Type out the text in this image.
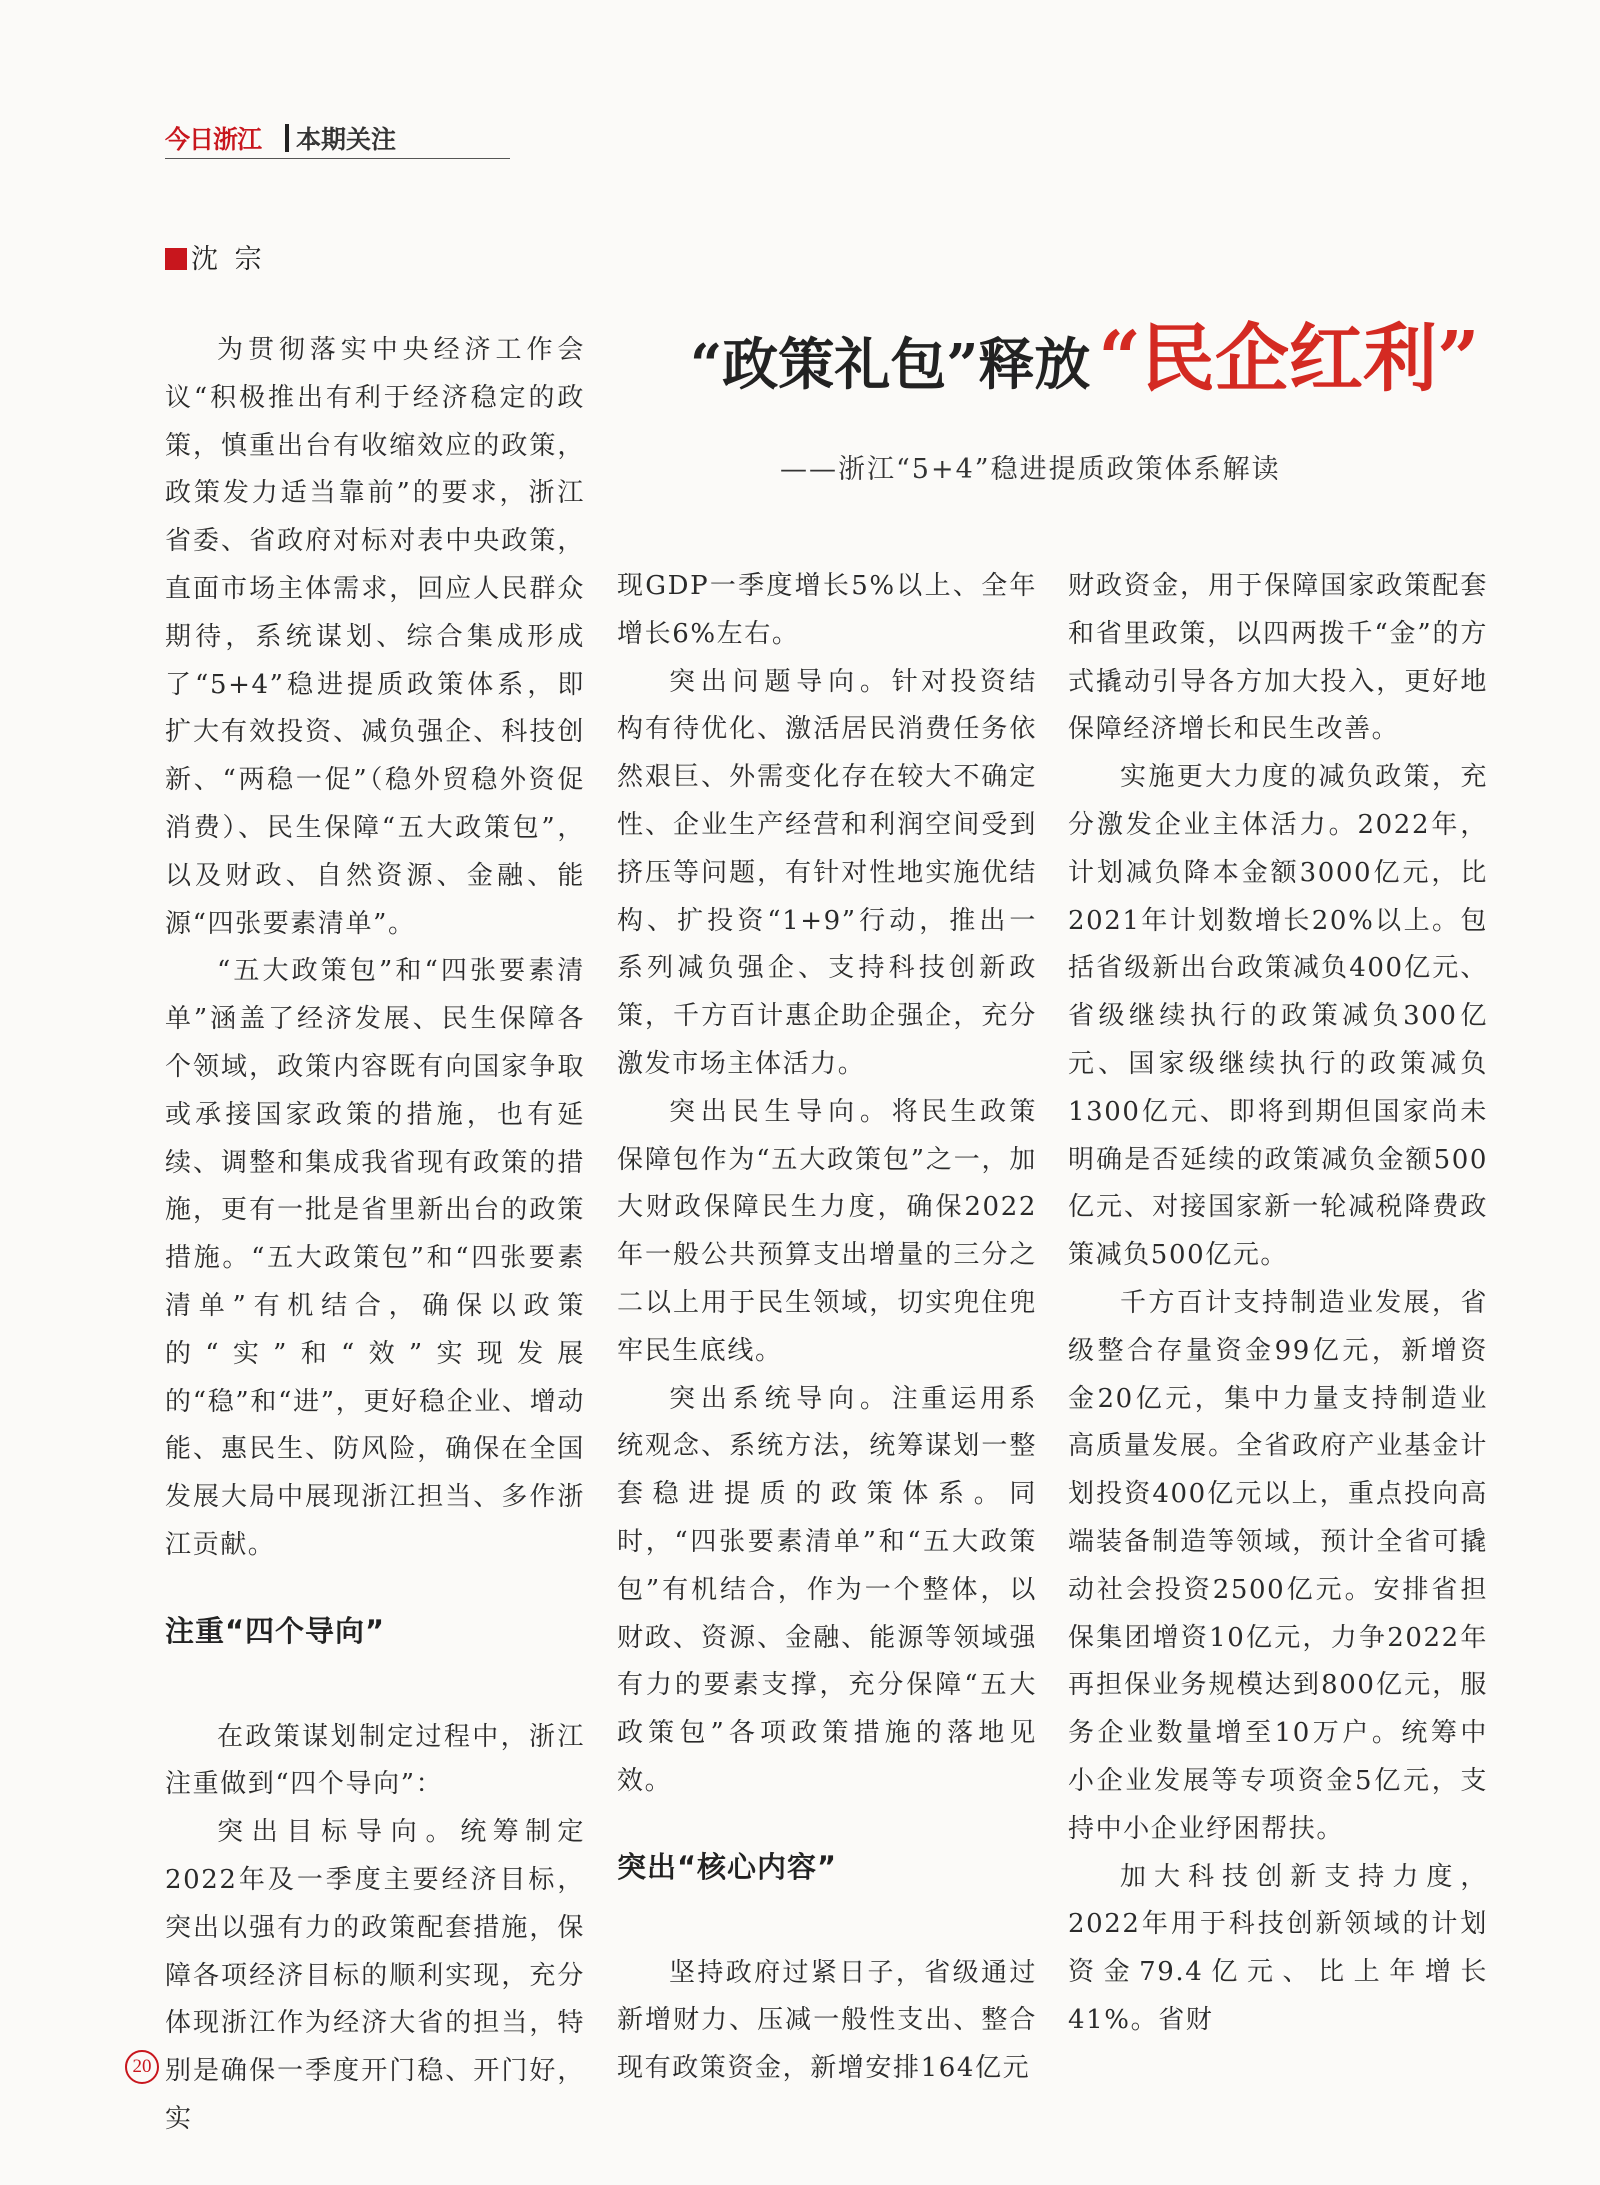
今日浙江 本期关注
沈 宗
“政策礼包”释放 “民企红利”
——浙江“5+4”稳进提质政策体系解读

为贯彻落实中央经济工作会议“积极推出有利于经济稳定的政策，慎重出台有收缩效应的政策，政策发力适当靠前”的要求，浙江省委、省政府对标对表中央政策，直面市场主体需求，回应人民群众期待，系统谋划、综合集成形成了“5+4”稳进提质政策体系，即扩大有效投资、减负强企、科技创新、“两稳一促”（稳外贸稳外资促消费）、民生保障“五大政策包”，以及财政、自然资源、金融、能源“四张要素清单”。

“五大政策包”和“四张要素清单”涵盖了经济发展、民生保障各个领域，政策内容既有向国家争取或承接国家政策的措施，也有延续、调整和集成我省现有政策的措施，更有一批是省里新出台的政策措施。“五大政策包”和“四张要素清单”有机结合，确保以政策的“实”和“效”实现发展的“稳”和“进”，更好稳企业、增动能、惠民生、防风险，确保在全国发展大局中展现浙江担当、多作浙江贡献。

注重“四个导向”

在政策谋划制定过程中，浙江注重做到“四个导向”：

突出目标导向。统筹制定2022年及一季度主要经济目标，突出以强有力的政策配套措施，保障各项经济目标的顺利实现，充分体现浙江作为经济大省的担当，特别是确保一季度开门稳、开门好，实

现GDP一季度增长5%以上、全年增长6%左右。

突出问题导向。针对投资结构有待优化、激活居民消费任务依然艰巨、外需变化存在较大不确定性、企业生产经营和利润空间受到挤压等问题，有针对性地实施优结构、扩投资“1+9”行动，推出一系列减负强企、支持科技创新政策，千方百计惠企助企强企，充分激发市场主体活力。

突出民生导向。将民生政策保障包作为“五大政策包”之一，加大财政保障民生力度，确保2022年一般公共预算支出增量的三分之二以上用于民生领域，切实兜住兜牢民生底线。

突出系统导向。注重运用系统观念、系统方法，统筹谋划一整套稳进提质的政策体系。同时，“四张要素清单”和“五大政策包”有机结合，作为一个整体，以财政、资源、金融、能源等领域强有力的要素支撑，充分保障“五大政策包”各项政策措施的落地见效。

突出“核心内容”

坚持政府过紧日子，省级通过新增财力、压减一般性支出、整合现有政策资金，新增安排164亿元

财政资金，用于保障国家政策配套和省里政策，以四两拨千“金”的方式撬动引导各方加大投入，更好地保障经济增长和民生改善。

实施更大力度的减负政策，充分激发企业主体活力。2022年，计划减负降本金额3000亿元，比2021年计划数增长20%以上。包括省级新出台政策减负400亿元、省级继续执行的政策减负300亿元、国家级继续执行的政策减负1300亿元、即将到期但国家尚未明确是否延续的政策减负金额500亿元、对接国家新一轮减税降费政策减负500亿元。

千方百计支持制造业发展，省级整合存量资金99亿元，新增资金20亿元，集中力量支持制造业高质量发展。全省政府产业基金计划投资400亿元以上，重点投向高端装备制造等领域，预计全省可撬动社会投资2500亿元。安排省担保集团增资10亿元，力争2022年再担保业务规模达到800亿元，服务企业数量增至10万户。统筹中小企业发展等专项资金5亿元，支持中小企业纾困帮扶。

加大科技创新支持力度，2022年用于科技创新领域的计划资金79.4亿元、比上年增长41%。省财

20
